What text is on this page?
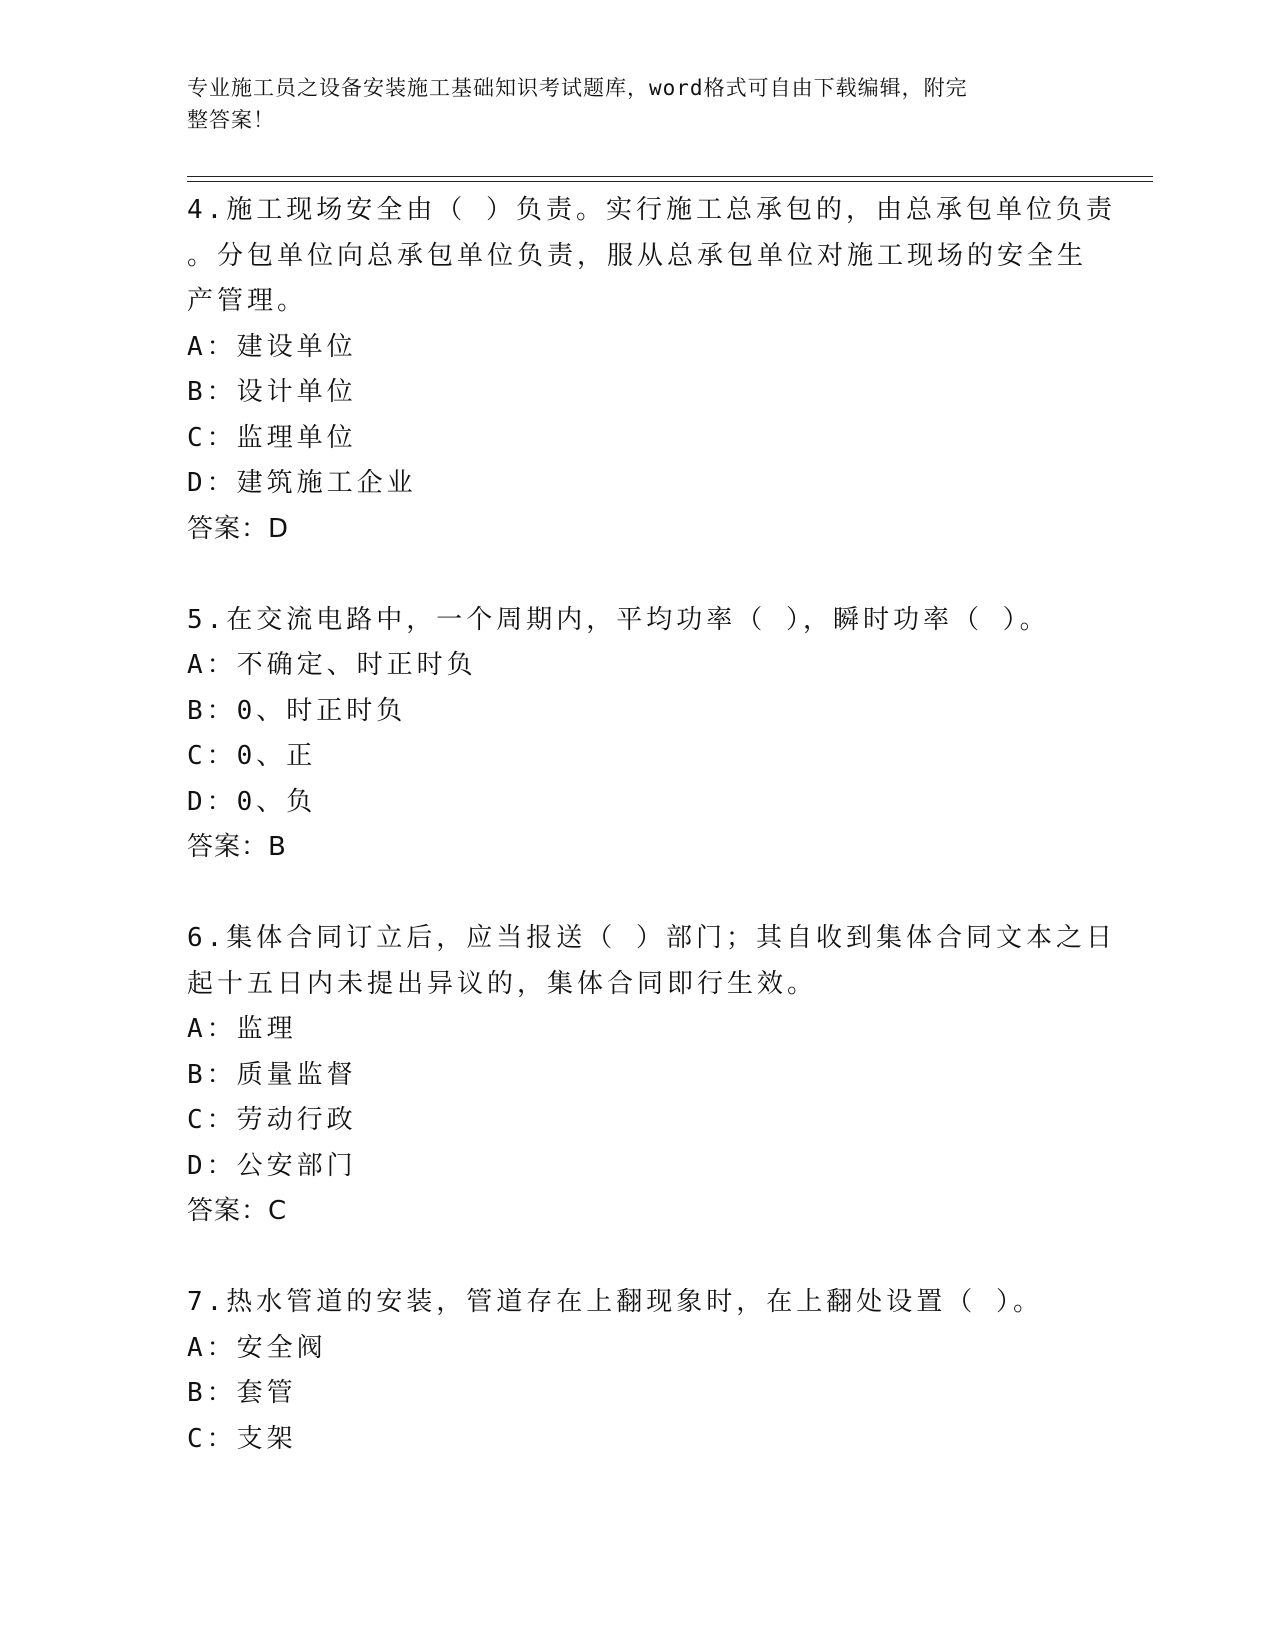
专业施工员之设备安装施工基础知识考试题库，word格式可自由下载编辑，附完
整答案！
4.施工现场安全由（ ）负责。实行施工总承包的，由总承包单位负责
。分包单位向总承包单位负责，服从总承包单位对施工现场的安全生
产管理。
A：建设单位
B：设计单位
C：监理单位
D：建筑施工企业
答案：D
5.在交流电路中，一个周期内，平均功率（ ），瞬时功率（ ）。
A：不确定、时正时负
B：0、时正时负
C：0、正
D：0、负
答案：B
6.集体合同订立后，应当报送（ ）部门；其自收到集体合同文本之日
起十五日内未提出异议的，集体合同即行生效。
A：监理
B：质量监督
C：劳动行政
D：公安部门
答案：C
7.热水管道的安装，管道存在上翻现象时，在上翻处设置（ ）。
A：安全阀
B：套管
C：支架
